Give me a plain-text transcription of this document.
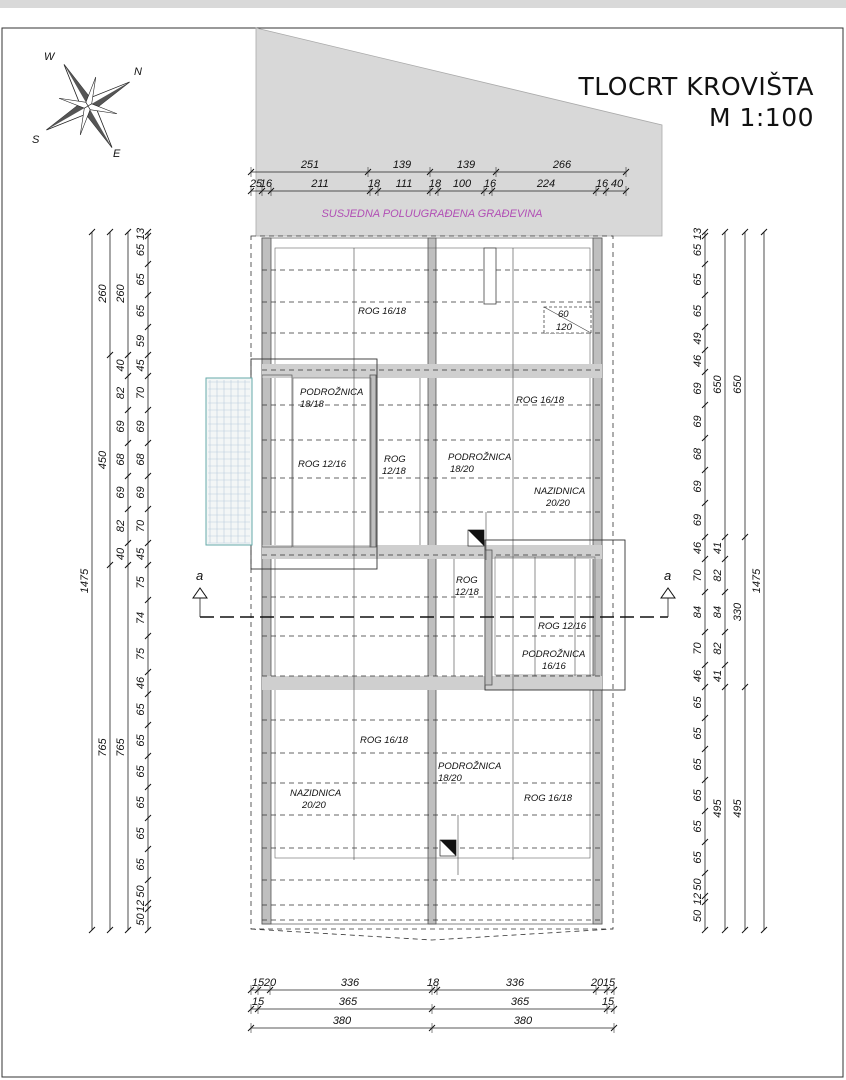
SUSJEDNA POLUUGRAĐENA GRAĐEVINA
TLOCRT KROVIŠTA
M 1:100
N
E
S
W
60
120
a	a
ROG 16/18
ROG 16/18
PODROŽNICA
18/18
ROG 12/16	ROG
12/18
PODROŽNICA
18/20
NAZIDNICA
20/20
ROG
12/18
ROG 12/16
PODROŽNICA
16/16
ROG 16/18
PODROŽNICA
18/20
NAZIDNICA
20/20
ROG 16/18
251	139	139	266
25
16	211	18 111 18 100 16	224	16 40
15 20	336	18	336	20 15
15	365	365	15
380	380
13
65
65
65
59
45
70
69
68
69
70
45
75
74
75
46
65
65
65
65
65
65
50
12
50
260
40
82
69
68
69
82
40
765
260
450
765
1475
13
65
65
65
49
46
69
69
68
69
69
46
70
84
70
46
65
65
65
65
65
65
50
12
50
650
41
82
84
82
41
495
650
330
495
1475
